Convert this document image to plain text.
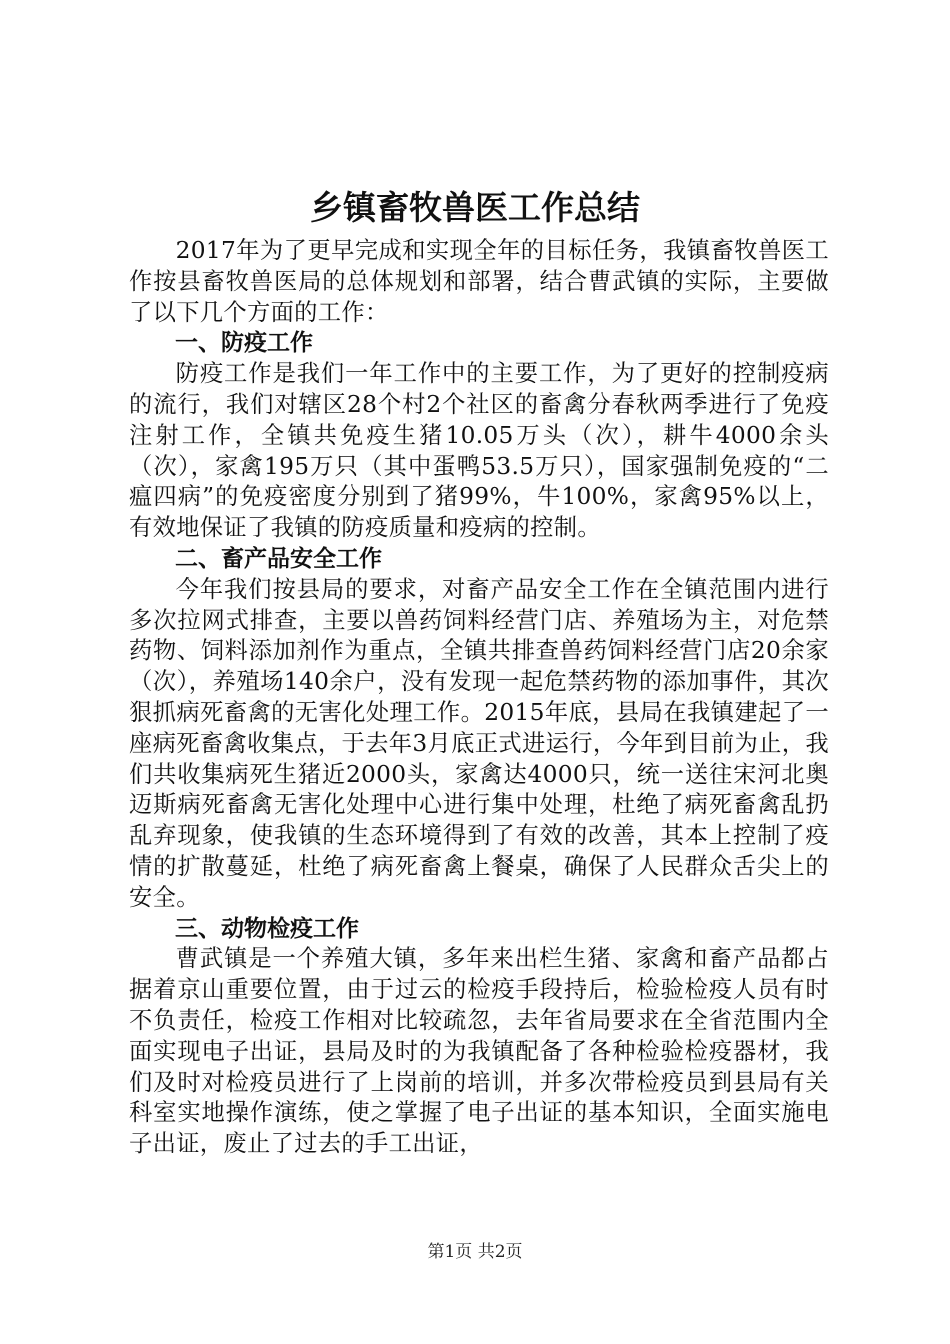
乡镇畜牧兽医工作总结

2017年为了更早完成和实现全年的目标任务，我镇畜牧兽医工作按县畜牧兽医局的总体规划和部署，结合曹武镇的实际，主要做了以下几个方面的工作：

一、防疫工作

防疫工作是我们一年工作中的主要工作，为了更好的控制疫病的流行，我们对辖区28个村2个社区的畜禽分春秋两季进行了免疫注射工作，全镇共免疫生猪10.05万头（次），耕牛4000余头（次），家禽195万只（其中蛋鸭53.5万只），国家强制免疫的“二瘟四病”的免疫密度分别到了猪99%，牛100%，家禽95%以上，有效地保证了我镇的防疫质量和疫病的控制。

二、畜产品安全工作

今年我们按县局的要求，对畜产品安全工作在全镇范围内进行多次拉网式排查，主要以兽药饲料经营门店、养殖场为主，对危禁药物、饲料添加剂作为重点，全镇共排查兽药饲料经营门店20余家（次），养殖场140余户，没有发现一起危禁药物的添加事件，其次狠抓病死畜禽的无害化处理工作。2015年底，县局在我镇建起了一座病死畜禽收集点，于去年3月底正式进运行，今年到目前为止，我们共收集病死生猪近2000头，家禽达4000只，统一送往宋河北奥迈斯病死畜禽无害化处理中心进行集中处理，杜绝了病死畜禽乱扔乱弃现象，使我镇的生态环境得到了有效的改善，其本上控制了疫情的扩散蔓延，杜绝了病死畜禽上餐桌，确保了人民群众舌尖上的安全。

三、动物检疫工作

曹武镇是一个养殖大镇，多年来出栏生猪、家禽和畜产品都占据着京山重要位置，由于过云的检疫手段持后，检验检疫人员有时不负责任，检疫工作相对比较疏忽，去年省局要求在全省范围内全面实现电子出证，县局及时的为我镇配备了各种检验检疫器材，我们及时对检疫员进行了上岗前的培训，并多次带检疫员到县局有关科室实地操作演练，使之掌握了电子出证的基本知识，全面实施电子出证，废止了过去的手工出证，

第1页 共2页
